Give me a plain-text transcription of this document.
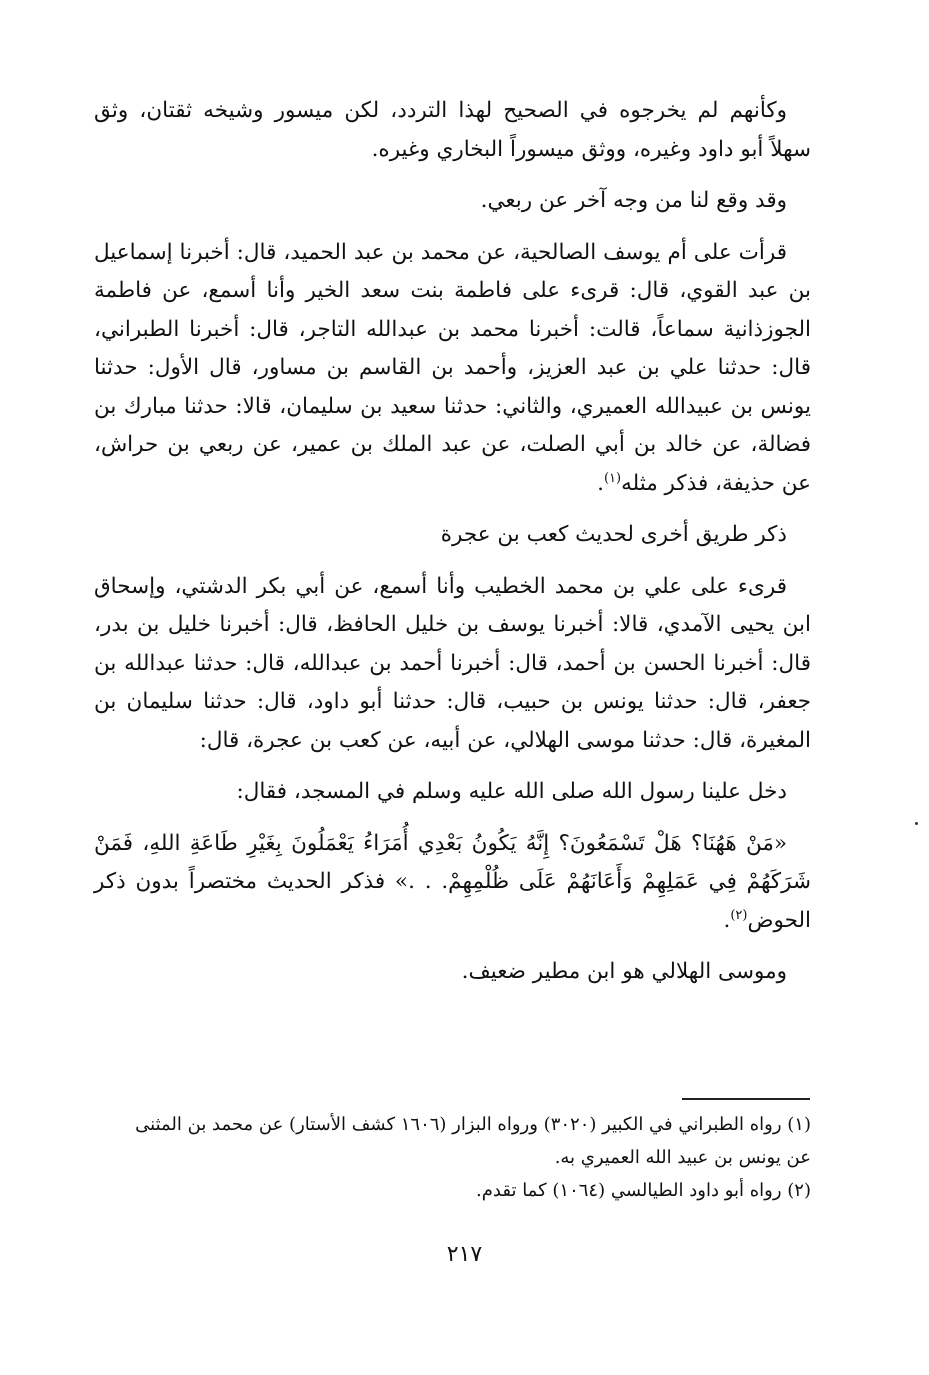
وكأنهم لم يخرجوه في الصحيح لهذا التردد، لكن ميسور وشيخه ثقتان، وثق سهلاً أبو داود وغيره، ووثق ميسوراً البخاري وغيره.

وقد وقع لنا من وجه آخر عن ربعي.

قرأت على أم يوسف الصالحية، عن محمد بن عبد الحميد، قال: أخبرنا إسماعيل بن عبد القوي، قال: قرىء على فاطمة بنت سعد الخير وأنا أسمع، عن فاطمة الجوزذانية سماعاً، قالت: أخبرنا محمد بن عبدالله التاجر، قال: أخبرنا الطبراني، قال: حدثنا علي بن عبد العزيز، وأحمد بن القاسم بن مساور، قال الأول: حدثنا يونس بن عبيدالله العميري، والثاني: حدثنا سعيد بن سليمان، قالا: حدثنا مبارك بن فضالة، عن خالد بن أبي الصلت، عن عبد الملك بن عمير، عن ربعي بن حراش، عن حذيفة، فذكر مثله$^{(١)}$.

ذكر طريق أخرى لحديث كعب بن عجرة

قرىء على علي بن محمد الخطيب وأنا أسمع، عن أبي بكر الدشتي، وإسحاق ابن يحيى الآمدي، قالا: أخبرنا يوسف بن خليل الحافظ، قال: أخبرنا خليل بن بدر، قال: أخبرنا الحسن بن أحمد، قال: أخبرنا أحمد بن عبدالله، قال: حدثنا عبدالله بن جعفر، قال: حدثنا يونس بن حبيب، قال: حدثنا أبو داود، قال: حدثنا سليمان بن المغيرة، قال: حدثنا موسى الهلالي، عن أبيه، عن كعب بن عجرة، قال:

دخل علينا رسول الله صلى الله عليه وسلم في المسجد، فقال:

«مَنْ هَهُنَا؟ هَلْ تَسْمَعُونَ؟ إِنَّهُ يَكُونُ بَعْدِي أُمَرَاءُ يَعْمَلُونَ بِغَيْرِ طَاعَةِ اللهِ، فَمَنْ شَرَكَهُمْ فِي عَمَلِهِمْ وَأَعَانَهُمْ عَلَى ظُلْمِهِمْ. . .» فذكر الحديث مختصراً بدون ذكر الحوض$^{(٢)}$.

وموسى الهلالي هو ابن مطير ضعيف.

(١) رواه الطبراني في الكبير (٣٠٢٠) ورواه البزار (١٦٠٦ كشف الأستار) عن محمد بن المثنى

عن يونس بن عبيد الله العميري به.

(٢) رواه أبو داود الطيالسي (١٠٦٤) كما تقدم.

٢١٧
